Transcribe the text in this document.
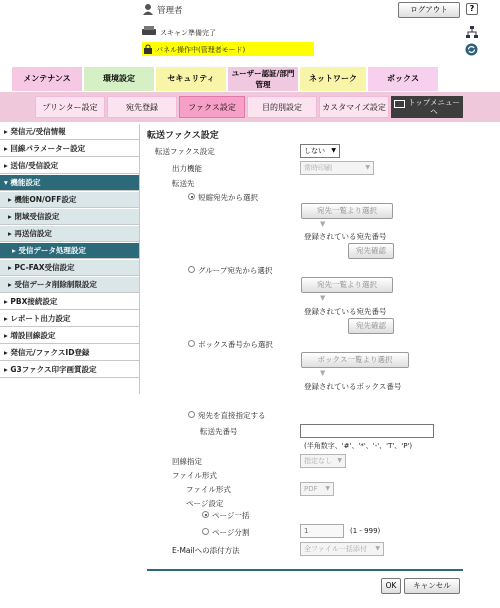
管理者	ログアウト	?
スキャン準備完了
パネル操作中(管理者モード)
メンテナンス	環境設定	セキュリティ
ユーザー認証/部門管理
ネットワーク	ボックス
プリンター設定	宛先登録	ファクス設定	目的別設定	カスタマイズ設定
トップメニューへ
▸ 発信元/受信情報
▸ 回線パラメーター設定
▸ 送信/受信設定
▾ 機能設定
▸ 機能ON/OFF設定
▸ 閉域受信設定
▸ 再送信設定
▸ 受信データ処理設定
▸ PC-FAX受信設定
▸ 受信データ削除制限設定
▸ PBX接続設定
▸ レポート出力設定
▸ 増設回線設定
▸ 発信元/ファクスID登録
▸ G3ファクス印字画質設定
転送ファクス設定
転送ファクス設定	しない ▼
出力機能	常時印刷	▼
転送先
短縮宛先から選択
宛先一覧より選択
▼
登録されている宛先番号
宛先確認
グループ宛先から選択
宛先一覧より選択
▼
登録されている宛先番号
宛先確認
ボックス番号から選択
ボックス一覧より選択
▼
登録されているボックス番号
宛先を直接指定する
転送先番号
(半角数字、'#'、'*'、'-'、'T'、'P')
回線指定	指定なし ▼
ファイル形式
ファイル形式	PDF ▼
ページ設定
ページ一括
ページ分割	1	(1 - 999)
E-Mailへの添付方法	全ファイル一括添付 ▼
OK	キャンセル
